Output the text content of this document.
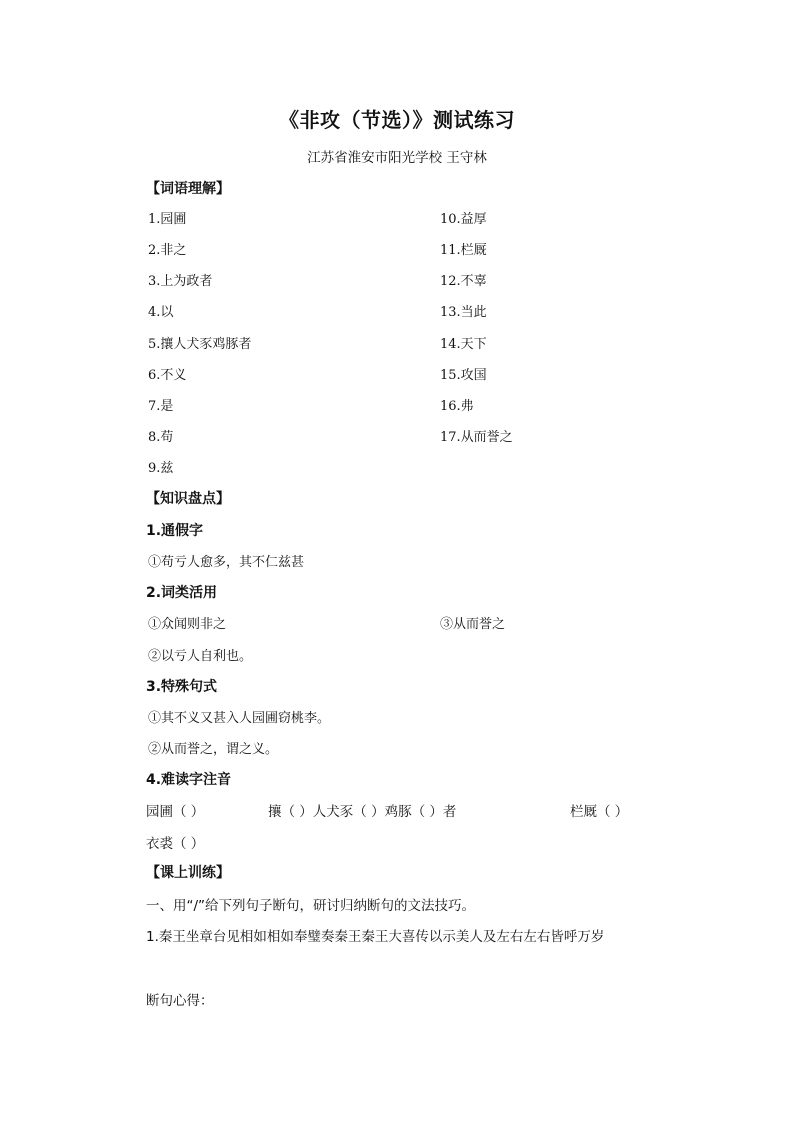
《非攻（节选）》测试练习
江苏省淮安市阳光学校 王守林
【词语理解】
1.园圃
2.非之
3.上为政者
4.以
5.攘人犬豕鸡豚者
6.不义
7.是
8.苟
9.兹
10.益厚
11.栏厩
12.不辜
13.当此
14.天下
15.攻国
16.弗
17.从而誉之
【知识盘点】
1.通假字
①苟亏人愈多，其不仁兹甚
2.词类活用
①众闻则非之	③从而誉之
②以亏人自利也。
3.特殊句式
①其不义又甚入人园圃窃桃李。
②从而誉之，谓之义。
4.难读字注音
园圃（ ）	攘（ ）人犬豕（ ）鸡豚（ ）者	栏厩（ ）
衣裘（ ）
【课上训练】
一、用“/”给下列句子断句，研讨归纳断句的文法技巧。
1.秦王坐章台见相如相如奉璧奏秦王秦王大喜传以示美人及左右左右皆呼万岁
断句心得：
